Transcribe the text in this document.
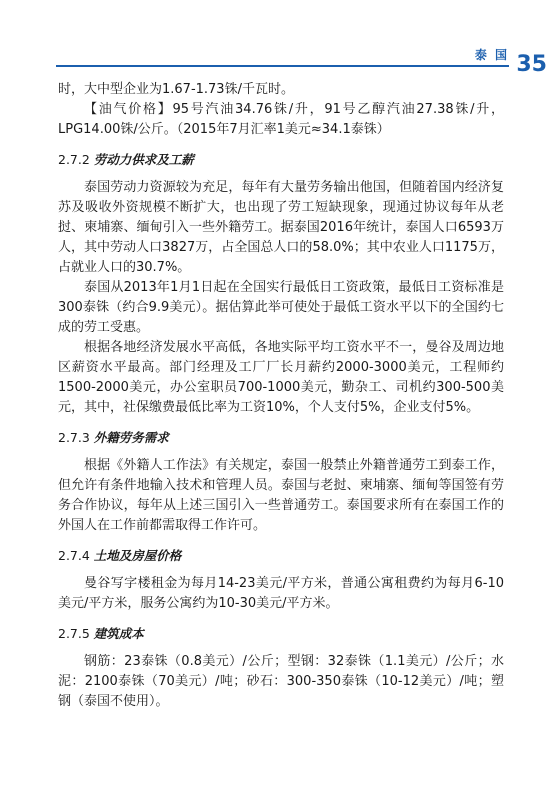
泰 国 35

时，大中型企业为1.67-1.73铢/千瓦时。

【油气价格】95号汽油34.76铢/升，91号乙醇汽油27.38铢/升，LPG14.00铢/公斤。（2015年7月汇率1美元≈34.1泰铢）

2.7.2 劳动力供求及工薪

泰国劳动力资源较为充足，每年有大量劳务输出他国，但随着国内经济复苏及吸收外资规模不断扩大，也出现了劳工短缺现象，现通过协议每年从老挝、柬埔寨、缅甸引入一些外籍劳工。据泰国2016年统计，泰国人口6593万人，其中劳动人口3827万，占全国总人口的58.0%；其中农业人口1175万，占就业人口的30.7%。

泰国从2013年1月1日起在全国实行最低日工资政策，最低日工资标准是300泰铢（约合9.9美元）。据估算此举可使处于最低工资水平以下的全国约七成的劳工受惠。

根据各地经济发展水平高低，各地实际平均工资水平不一，曼谷及周边地区薪资水平最高。部门经理及工厂厂长月薪约2000-3000美元，工程师约1500-2000美元，办公室职员700-1000美元，勤杂工、司机约300-500美元，其中，社保缴费最低比率为工资10%，个人支付5%，企业支付5%。

2.7.3 外籍劳务需求

根据《外籍人工作法》有关规定，泰国一般禁止外籍普通劳工到泰工作，但允许有条件地输入技术和管理人员。泰国与老挝、柬埔寨、缅甸等国签有劳务合作协议，每年从上述三国引入一些普通劳工。泰国要求所有在泰国工作的外国人在工作前都需取得工作许可。

2.7.4 土地及房屋价格

曼谷写字楼租金为每月14-23美元/平方米，普通公寓租费约为每月6-10美元/平方米，服务公寓约为10-30美元/平方米。

2.7.5 建筑成本

钢筋：23泰铢（0.8美元）/公斤；型钢：32泰铢（1.1美元）/公斤；水泥：2100泰铢（70美元）/吨；砂石：300-350泰铢（10-12美元）/吨；塑钢（泰国不使用）。
